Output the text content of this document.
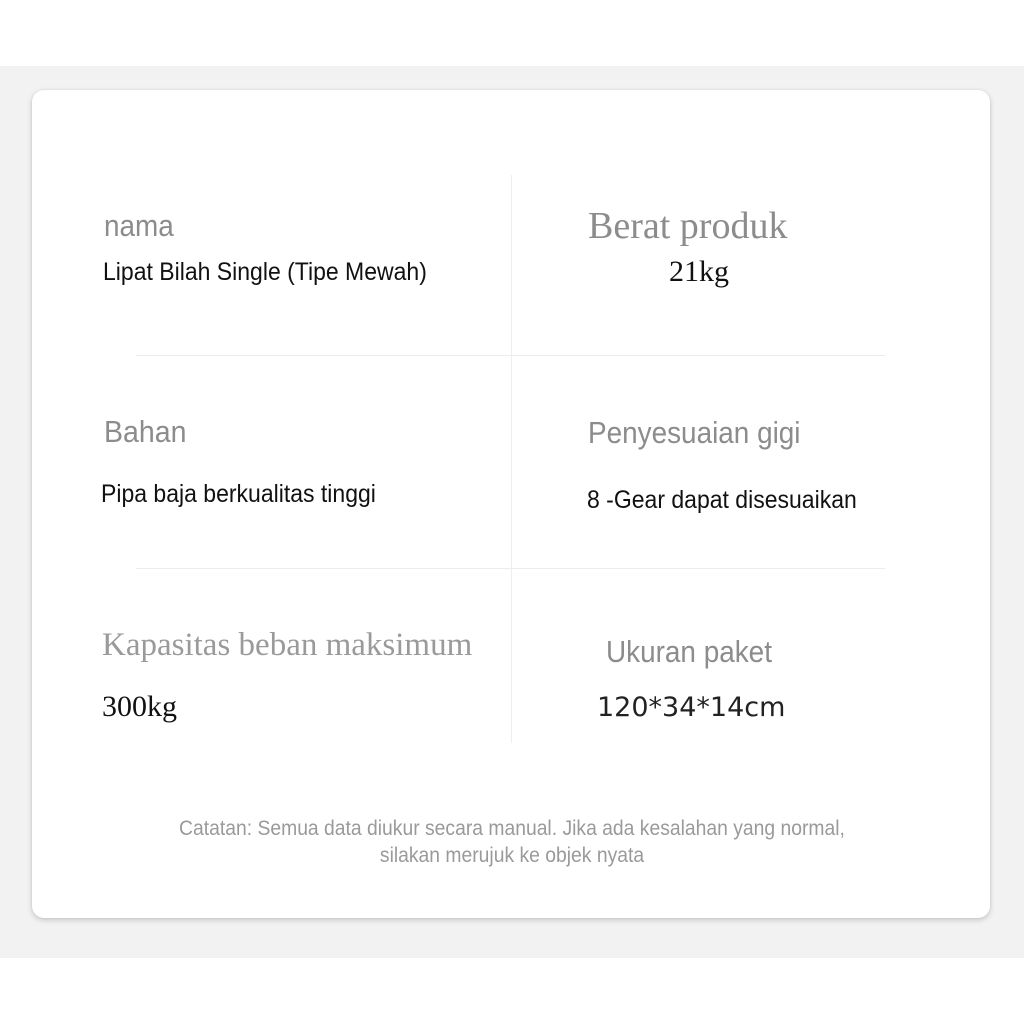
nama

Lipat Bilah Single (Tipe Mewah)

Berat produk

21kg

Bahan

Pipa baja berkualitas tinggi

Penyesuaian gigi

8 -Gear dapat disesuaikan

Kapasitas beban maksimum

300kg

Ukuran paket

120*34*14cm

Catatan: Semua data diukur secara manual. Jika ada kesalahan yang normal,

silakan merujuk ke objek nyata
